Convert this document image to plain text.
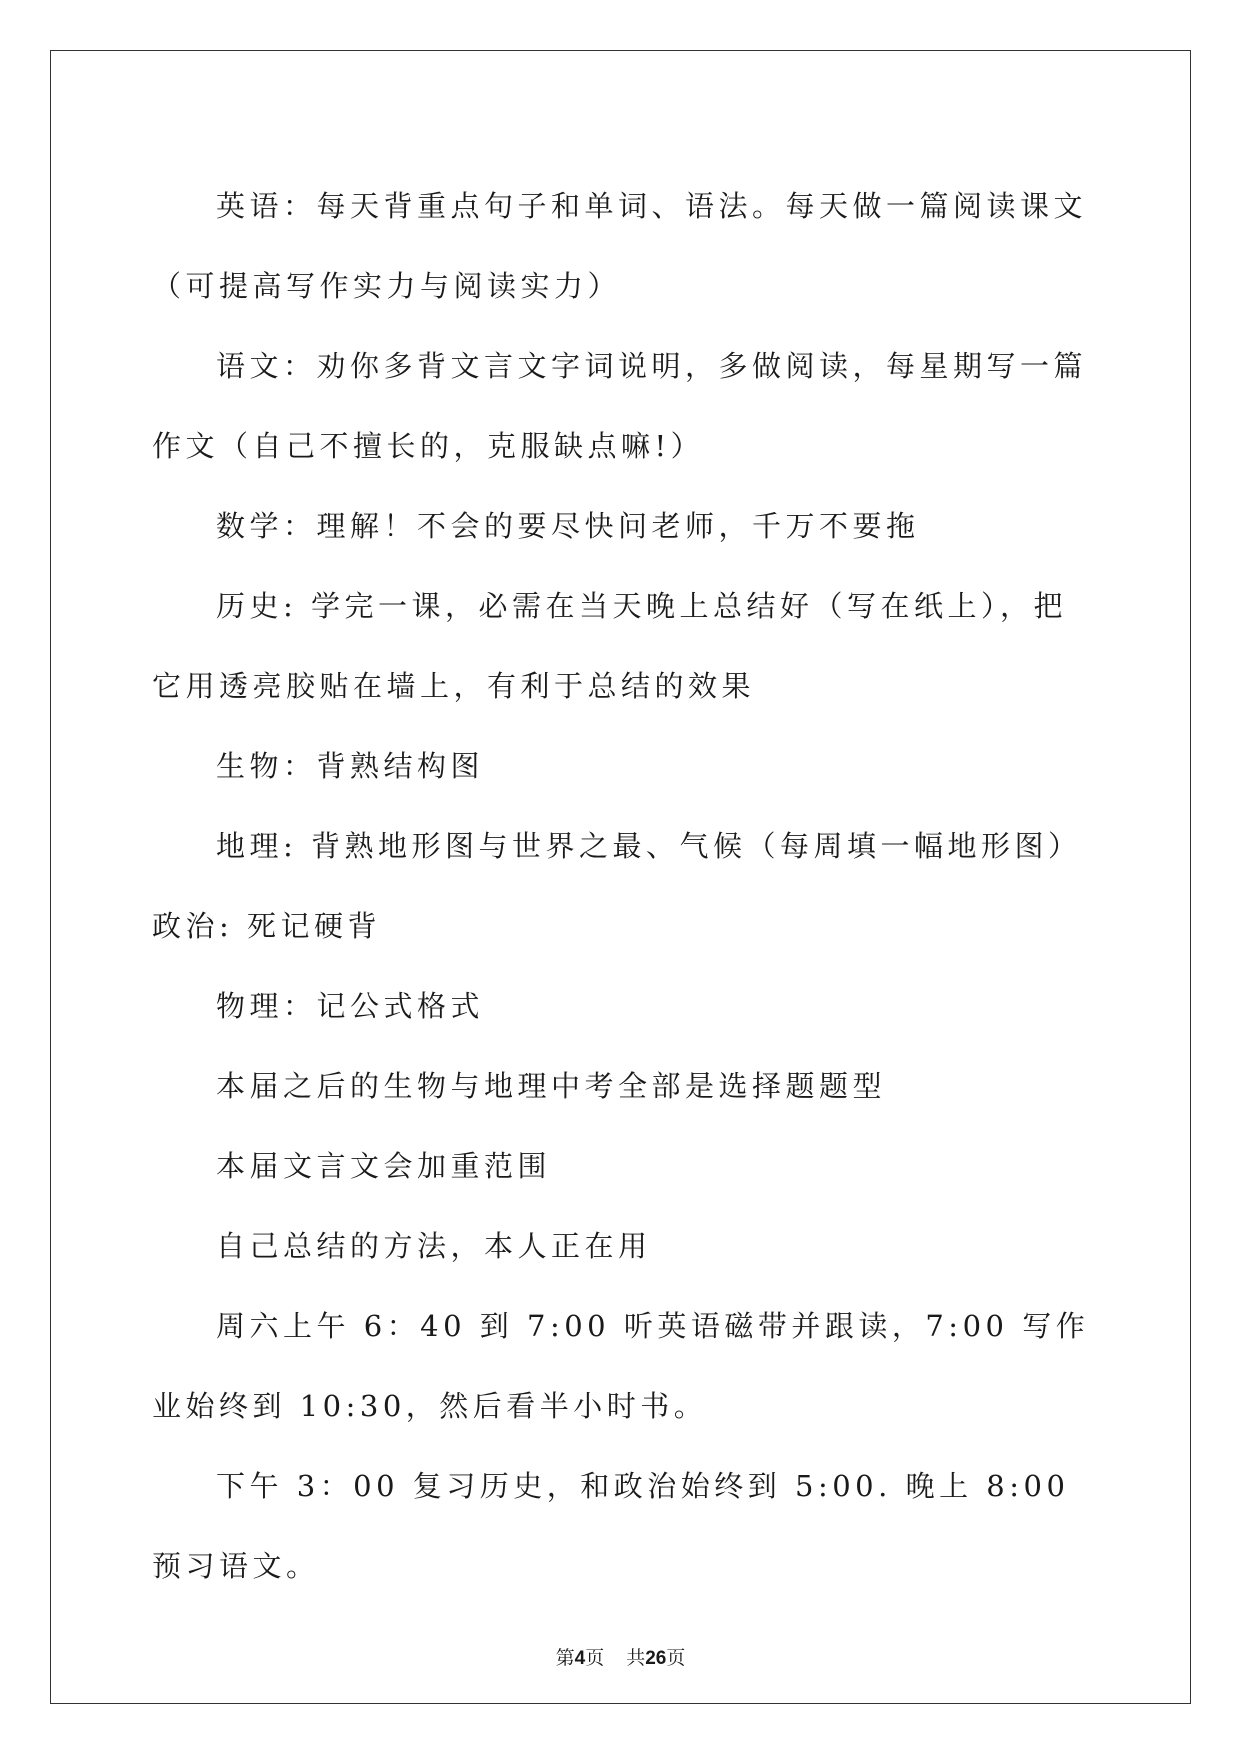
英语：每天背重点句子和单词、语法。每天做一篇阅读课文（可提高写作实力与阅读实力）

语文：劝你多背文言文字词说明，多做阅读，每星期写一篇作文（自己不擅长的，克服缺点嘛!）

数学：理解！不会的要尽快问老师，千万不要拖

历史: 学完一课，必需在当天晚上总结好（写在纸上），把它用透亮胶贴在墙上，有利于总结的效果

生物：背熟结构图

地理: 背熟地形图与世界之最、气候（每周填一幅地形图） 政治: 死记硬背

物理：记公式格式

本届之后的生物与地理中考全部是选择题题型

本届文言文会加重范围

自己总结的方法，本人正在用

周六上午 6：40 到 7:00 听英语磁带并跟读，7:00 写作业始终到 10:30，然后看半小时书。

下午 3：00 复习历史，和政治始终到 5:00. 晚上 8:00 预习语文。

第4页 共26页
